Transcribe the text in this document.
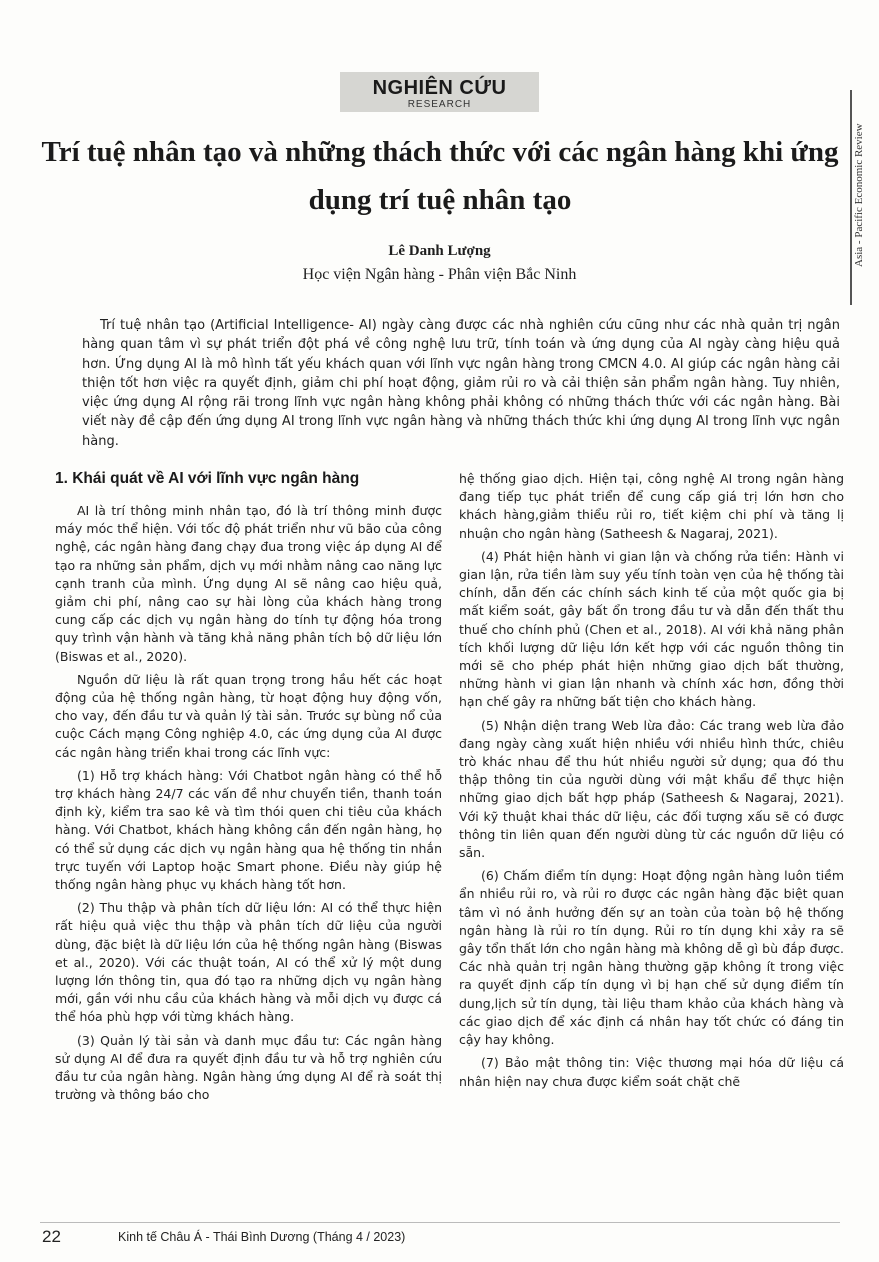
NGHIÊN CỨU
RESEARCH
Asia - Pacific Economic Review
Trí tuệ nhân tạo và những thách thức với các ngân hàng khi ứng dụng trí tuệ nhân tạo

Lê Danh Lượng

Học viện Ngân hàng - Phân viện Bắc Ninh

Trí tuệ nhân tạo (Artificial Intelligence- AI) ngày càng được các nhà nghiên cứu cũng như các nhà quản trị ngân hàng quan tâm vì sự phát triển đột phá về công nghệ lưu trữ, tính toán và ứng dụng của AI ngày càng hiệu quả hơn. Ứng dụng AI là mô hình tất yếu khách quan với lĩnh vực ngân hàng trong CMCN 4.0. AI giúp các ngân hàng cải thiện tốt hơn việc ra quyết định, giảm chi phí hoạt động, giảm rủi ro và cải thiện sản phẩm ngân hàng. Tuy nhiên, việc ứng dụng AI rộng rãi trong lĩnh vực ngân hàng không phải không có những thách thức với các ngân hàng. Bài viết này đề cập đến ứng dụng AI trong lĩnh vực ngân hàng và những thách thức khi ứng dụng AI trong lĩnh vực ngân hàng.

1. Khái quát về AI với lĩnh vực ngân hàng

AI là trí thông minh nhân tạo, đó là trí thông minh được máy móc thể hiện. Với tốc độ phát triển như vũ bão của công nghệ, các ngân hàng đang chạy đua trong việc áp dụng AI để tạo ra những sản phẩm, dịch vụ mới nhằm nâng cao năng lực cạnh tranh của mình. Ứng dụng AI sẽ nâng cao hiệu quả, giảm chi phí, nâng cao sự hài lòng của khách hàng trong cung cấp các dịch vụ ngân hàng do tính tự động hóa trong quy trình vận hành và tăng khả năng phân tích bộ dữ liệu lớn (Biswas et al., 2020).

Nguồn dữ liệu là rất quan trọng trong hầu hết các hoạt động của hệ thống ngân hàng, từ hoạt động huy động vốn, cho vay, đến đầu tư và quản lý tài sản. Trước sự bùng nổ của cuộc Cách mạng Công nghiệp 4.0, các ứng dụng của AI được các ngân hàng triển khai trong các lĩnh vực:

(1) Hỗ trợ khách hàng: Với Chatbot ngân hàng có thể hỗ trợ khách hàng 24/7 các vấn đề như chuyển tiền, thanh toán định kỳ, kiểm tra sao kê và tìm thói quen chi tiêu của khách hàng. Với Chatbot, khách hàng không cần đến ngân hàng, họ có thể sử dụng các dịch vụ ngân hàng qua hệ thống tin nhắn trực tuyến với Laptop hoặc Smart phone. Điều này giúp hệ thống ngân hàng phục vụ khách hàng tốt hơn.

(2) Thu thập và phân tích dữ liệu lớn: AI có thể thực hiện rất hiệu quả việc thu thập và phân tích dữ liệu của người dùng, đặc biệt là dữ liệu lớn của hệ thống ngân hàng (Biswas et al., 2020). Với các thuật toán, AI có thể xử lý một dung lượng lớn thông tin, qua đó tạo ra những dịch vụ ngân hàng mới, gần với nhu cầu của khách hàng và mỗi dịch vụ được cá thể hóa phù hợp với từng khách hàng.

(3) Quản lý tài sản và danh mục đầu tư: Các ngân hàng sử dụng AI để đưa ra quyết định đầu tư và hỗ trợ nghiên cứu đầu tư của ngân hàng. Ngân hàng ứng dụng AI để rà soát thị trường và thông báo cho

hệ thống giao dịch. Hiện tại, công nghệ AI trong ngân hàng đang tiếp tục phát triển để cung cấp giá trị lớn hơn cho khách hàng,giảm thiểu rủi ro, tiết kiệm chi phí và tăng lị nhuận cho ngân hàng (Satheesh & Nagaraj, 2021).

(4) Phát hiện hành vi gian lận và chống rửa tiền: Hành vi gian lận, rửa tiền làm suy yếu tính toàn vẹn của hệ thống tài chính, dẫn đến các chính sách kinh tế của một quốc gia bị mất kiểm soát, gây bất ổn trong đầu tư và dẫn đến thất thu thuế cho chính phủ (Chen et al., 2018). AI với khả năng phân tích khối lượng dữ liệu lớn kết hợp với các nguồn thông tin mới sẽ cho phép phát hiện những giao dịch bất thường, những hành vi gian lận nhanh và chính xác hơn, đồng thời hạn chế gây ra những bất tiện cho khách hàng.

(5) Nhận diện trang Web lừa đảo: Các trang web lừa đảo đang ngày càng xuất hiện nhiều với nhiều hình thức, chiêu trò khác nhau để thu hút nhiều người sử dụng; qua đó thu thập thông tin của người dùng với mật khẩu để thực hiện những giao dịch bất hợp pháp (Satheesh & Nagaraj, 2021). Với kỹ thuật khai thác dữ liệu, các đối tượng xấu sẽ có được thông tin liên quan đến người dùng từ các nguồn dữ liệu có sẵn.

(6) Chấm điểm tín dụng: Hoạt động ngân hàng luôn tiềm ẩn nhiều rủi ro, và rủi ro được các ngân hàng đặc biệt quan tâm vì nó ảnh hưởng đến sự an toàn của toàn bộ hệ thống ngân hàng là rủi ro tín dụng. Rủi ro tín dụng khi xảy ra sẽ gây tổn thất lớn cho ngân hàng mà không dễ gì bù đắp được. Các nhà quản trị ngân hàng thường gặp không ít trong việc ra quyết định cấp tín dụng vì bị hạn chế sử dụng điểm tín dung,lịch sử tín dụng, tài liệu tham khảo của khách hàng và các giao dịch để xác định cá nhân hay tốt chức có đáng tin cậy hay không.

(7) Bảo mật thông tin: Việc thương mại hóa dữ liệu cá nhân hiện nay chưa được kiểm soát chặt chẽ

22	Kinh tế Châu Á - Thái Bình Dương (Tháng 4 / 2023)
